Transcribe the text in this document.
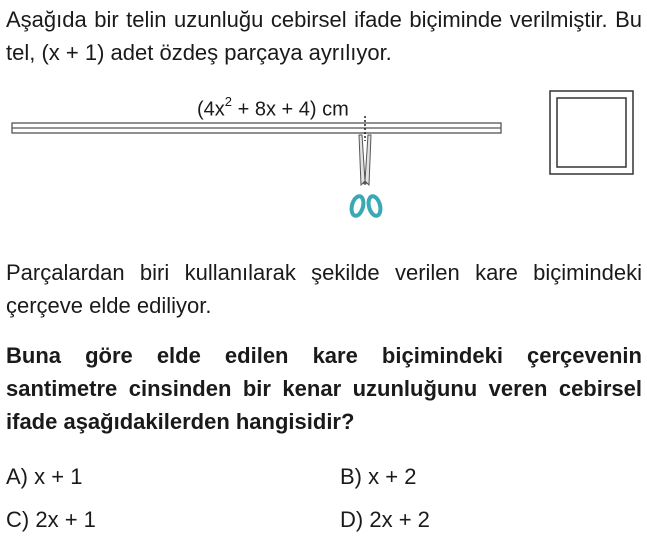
Aşağıda bir telin uzunluğu cebirsel ifade biçiminde verilmiştir. Bu tel, (x + 1) adet özdeş parçaya ayrılıyor.

$(4x^2 + 8x + 4)$ cm

Parçalardan biri kullanılarak şekilde verilen kare biçimindeki çerçeve elde ediliyor.

Buna göre elde edilen kare biçimindeki çerçevenin santimetre cinsinden bir kenar uzunluğunu veren cebirsel ifade aşağıdakilerden hangisidir?

A) x + 1	B) x + 2
C) 2x + 1	D) 2x + 2
